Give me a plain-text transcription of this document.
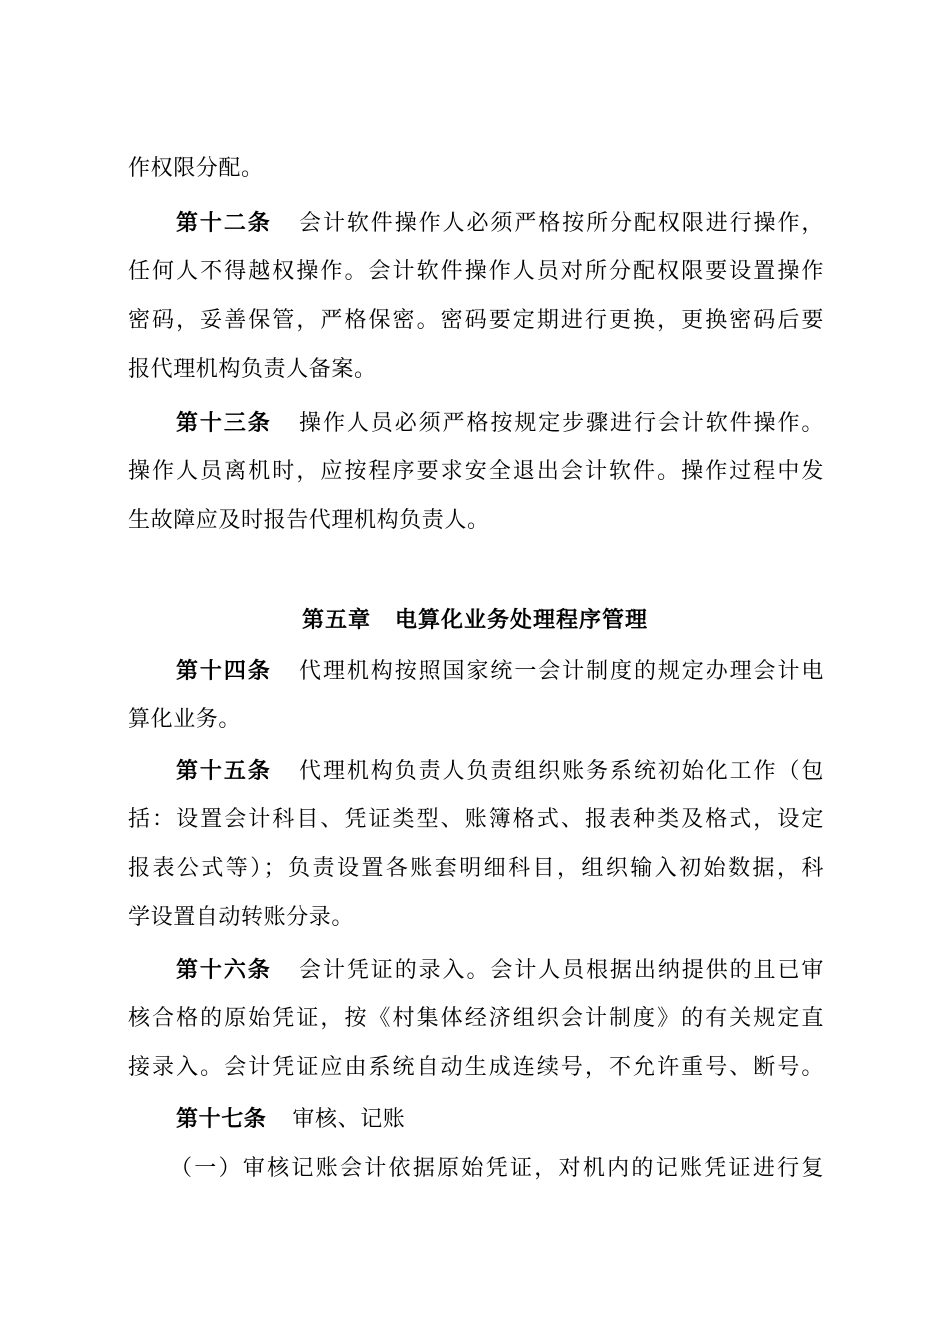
作权限分配。
第十二条 会计软件操作人必须严格按所分配权限进行操作，
任何人不得越权操作。会计软件操作人员对所分配权限要设置操作
密码，妥善保管，严格保密。密码要定期进行更换，更换密码后要
报代理机构负责人备案。
第十三条 操作人员必须严格按规定步骤进行会计软件操作。
操作人员离机时，应按程序要求安全退出会计软件。操作过程中发
生故障应及时报告代理机构负责人。
第五章 电算化业务处理程序管理
第十四条 代理机构按照国家统一会计制度的规定办理会计电
算化业务。
第十五条 代理机构负责人负责组织账务系统初始化工作（包
括：设置会计科目、凭证类型、账簿格式、报表种类及格式，设定
报表公式等）；负责设置各账套明细科目，组织输入初始数据，科
学设置自动转账分录。
第十六条 会计凭证的录入。会计人员根据出纳提供的且已审
核合格的原始凭证，按《村集体经济组织会计制度》的有关规定直
接录入。会计凭证应由系统自动生成连续号，不允许重号、断号。
第十七条 审核、记账
（一）审核记账会计依据原始凭证，对机内的记账凭证进行复
